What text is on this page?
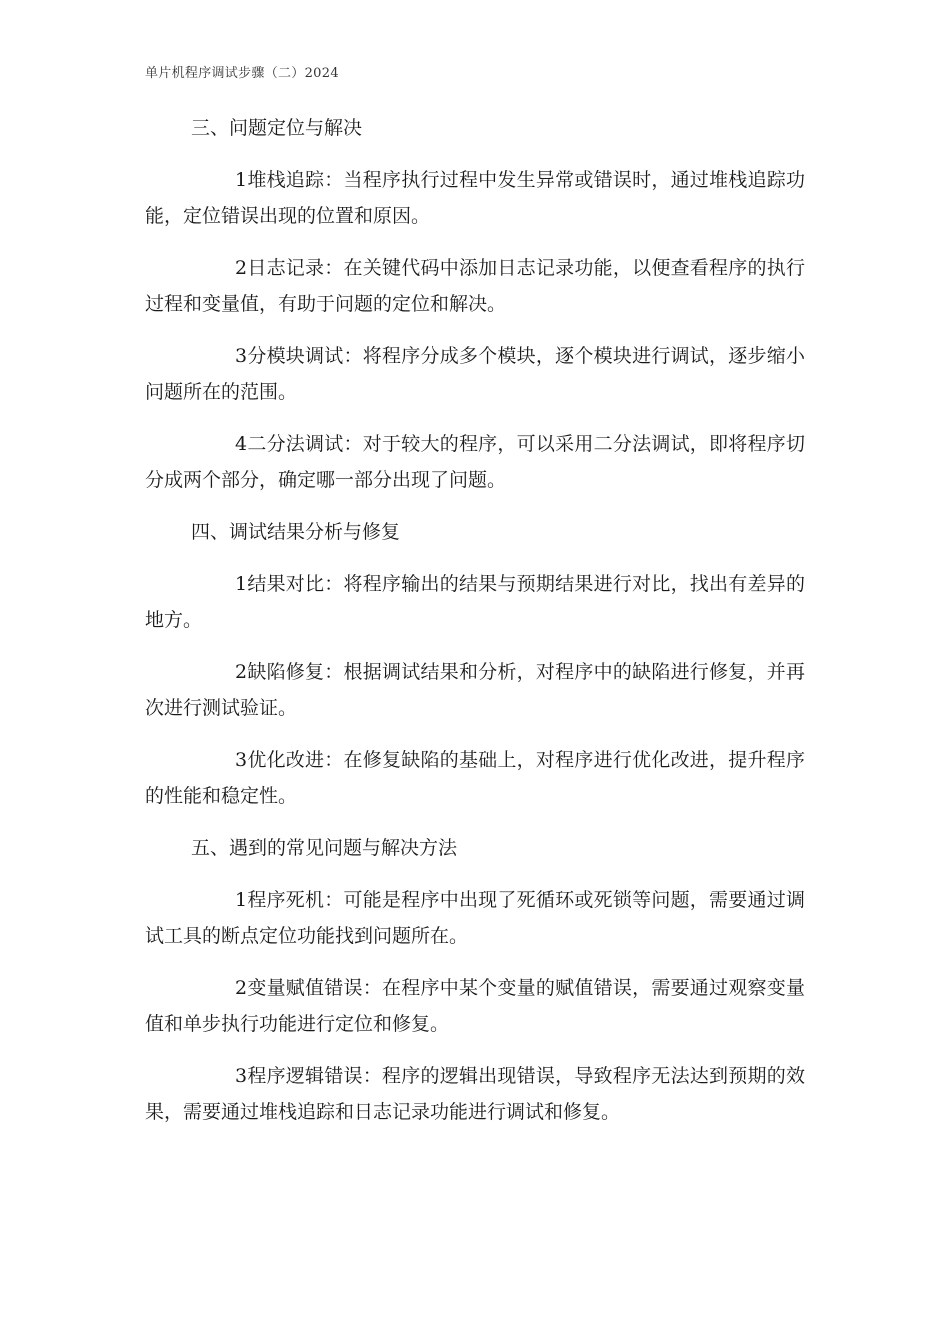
单片机程序调试步骤（二）2024
三、问题定位与解决
1堆栈追踪：当程序执行过程中发生异常或错误时，通过堆栈追踪功能，定位错误出现的位置和原因。
2日志记录：在关键代码中添加日志记录功能，以便查看程序的执行过程和变量值，有助于问题的定位和解决。
3分模块调试：将程序分成多个模块，逐个模块进行调试，逐步缩小问题所在的范围。
4二分法调试：对于较大的程序，可以采用二分法调试，即将程序切分成两个部分，确定哪一部分出现了问题。
四、调试结果分析与修复
1结果对比：将程序输出的结果与预期结果进行对比，找出有差异的地方。
2缺陷修复：根据调试结果和分析，对程序中的缺陷进行修复，并再次进行测试验证。
3优化改进：在修复缺陷的基础上，对程序进行优化改进，提升程序的性能和稳定性。
五、遇到的常见问题与解决方法
1程序死机：可能是程序中出现了死循环或死锁等问题，需要通过调试工具的断点定位功能找到问题所在。
2变量赋值错误：在程序中某个变量的赋值错误，需要通过观察变量值和单步执行功能进行定位和修复。
3程序逻辑错误：程序的逻辑出现错误，导致程序无法达到预期的效果，需要通过堆栈追踪和日志记录功能进行调试和修复。
